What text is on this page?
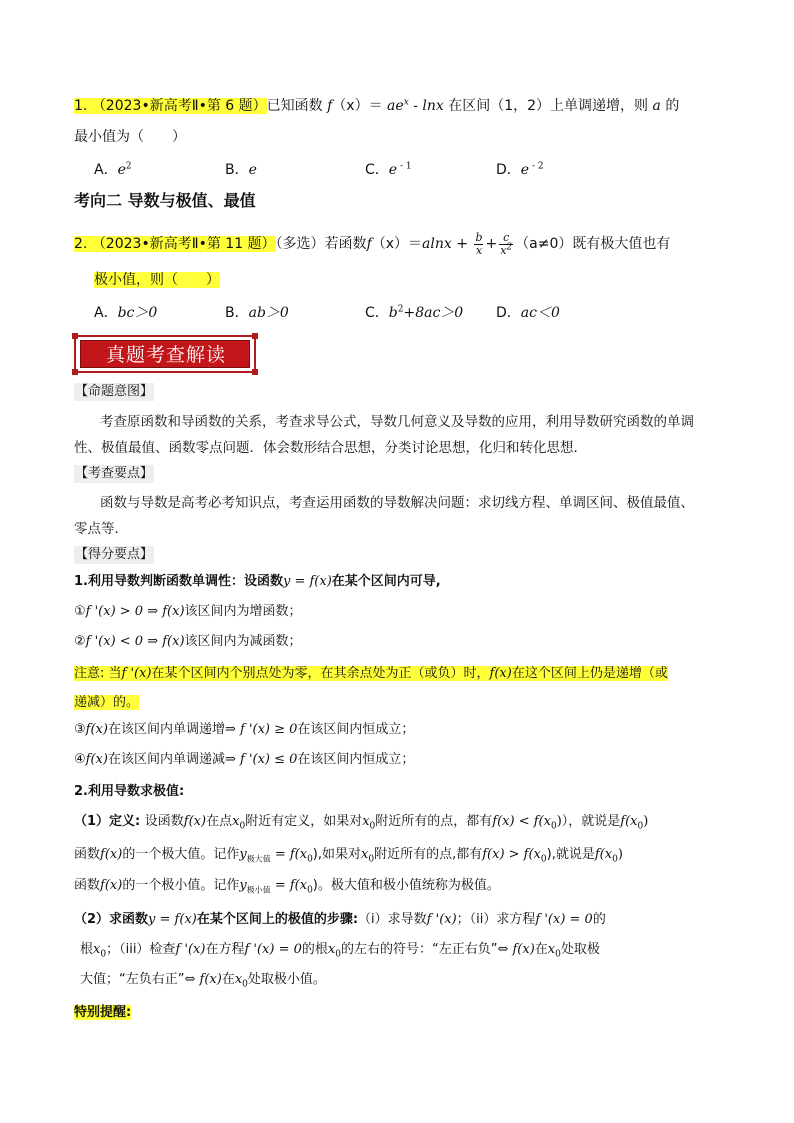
1. （2023•新高考Ⅱ•第 6 题）已知函数 $f(x)= ae^x - \ln x$ 在区间（1，2）上单调递增，则 a 的
最小值为（　　）
A．$e^2$	B．e	C．e $^{- 1}$	D．e $^{- 2}$
考向二 导数与极值、最值
2. （2023•新高考Ⅱ•第 11 题）（多选）若函数$f(x)=alnx + \frac{b}{x} + \frac{c}{x^2} (a\ne 0)$既有极大值也有
极小值，则（　　）
A．bc＞0	B．ab＞0	C．$b^2+8ac>0$ D．ac＜0
真题考查解读
【命题意图】
考查原函数和导函数的关系，考查求导公式，导数几何意义及导数的应用，利用导数研究函数的单调
性、极值最值、函数零点问题．体会数形结合思想，分类讨论思想，化归和转化思想．
【考查要点】
函数与导数是高考必考知识点，考查运用函数的导数解决问题：求切线方程、单调区间、极值最值、
零点等．
【得分要点】
1.利用导数判断函数单调性：设函数y = f(x)在某个区间内可导,
①f '(x) > 0 ⇒ f(x)该区间内为增函数；
②f '(x) < 0 ⇒ f(x)该区间内为减函数；
注意: 当f '(x)在某个区间内个别点处为零，在其余点处为正（或负）时，f(x)在这个区间上仍是递增（或
递减）的。
③f(x)在该区间内单调递增⇒ f '(x) ≥ 0在该区间内恒成立；
④f(x)在该区间内单调递减⇒ f '(x) ≤ 0在该区间内恒成立；
2.利用导数求极值:
（1）定义: 设函数f(x)在点$x_0$附近有定义，如果对$x_0$附近所有的点，都有$f(x) < f(x_0)$），就说是$f(x_0)$
函数f(x)的一个极大值。记作$y_{极大值} = f(x_0)$,如果对$x_0$附近所有的点,都有$f(x) > f(x_0)$,就说是$f(x_0)$
函数f(x)的一个极小值。记作$y_{极小值} = f(x_0)$。极大值和极小值统称为极值。
（2）求函数y = f(x)在某个区间上的极值的步骤:（i）求导数f '(x)；（ii）求方程f '(x) = 0的
根$x_0$；（iii）检查f '(x)在方程f '(x) = 0的根$x_0$的左右的符号：“左正右负”⇔ f(x)在$x_0$处取极
大值；“左负右正”⇔ f(x)在$x_0$处取极小值。
特别提醒:
